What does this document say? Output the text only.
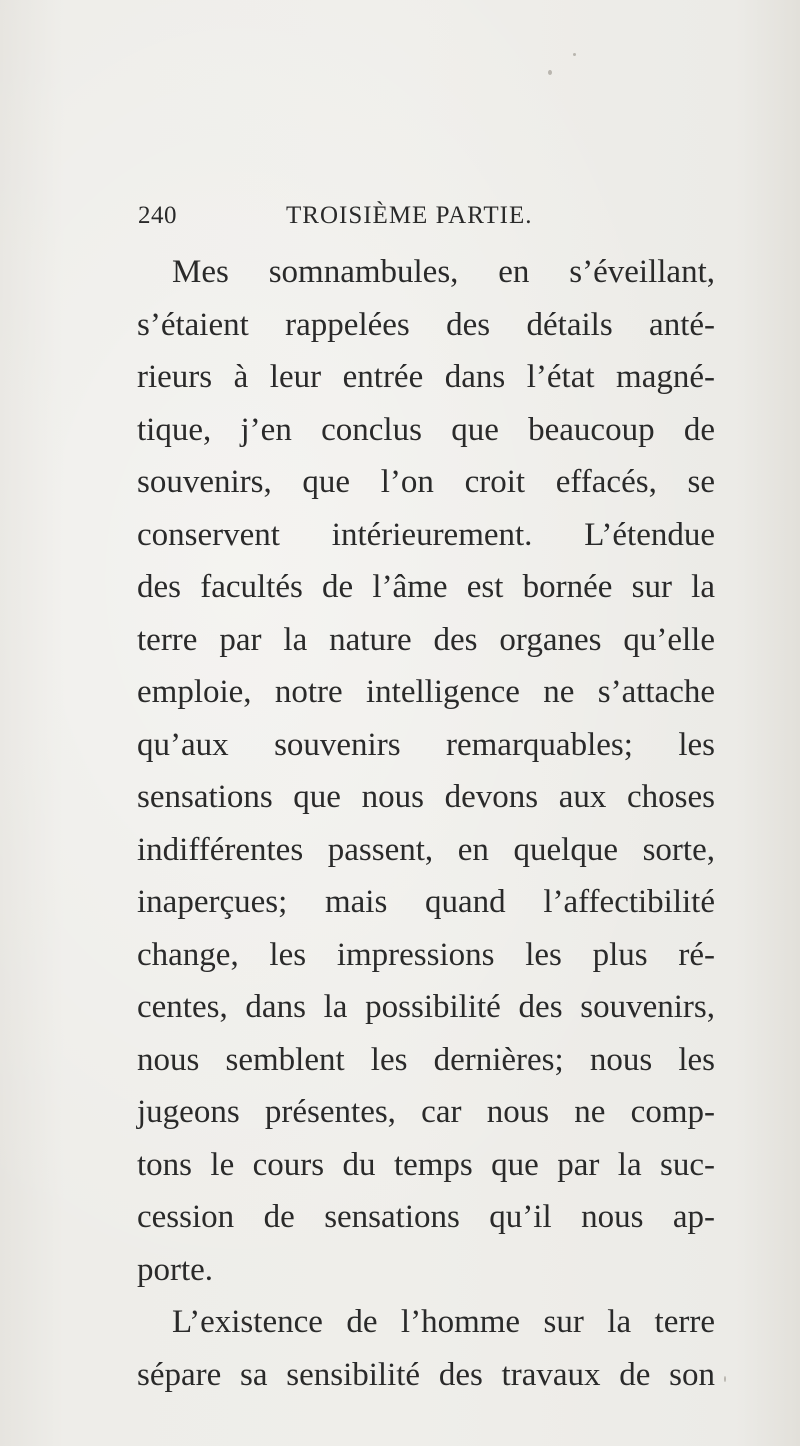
240	TROISIÈME PARTIE.
Mes somnambules, en s’éveillant,
s’étaient rappelées des détails anté-
rieurs à leur entrée dans l’état magné-
tique, j’en conclus que beaucoup de
souvenirs, que l’on croit effacés, se
conservent intérieurement. L’étendue
des facultés de l’âme est bornée sur la
terre par la nature des organes qu’elle
emploie, notre intelligence ne s’attache
qu’aux souvenirs remarquables; les
sensations que nous devons aux choses
indifférentes passent, en quelque sorte,
inaperçues; mais quand l’affectibilité
change, les impressions les plus ré-
centes, dans la possibilité des souvenirs,
nous semblent les dernières; nous les
jugeons présentes, car nous ne comp-
tons le cours du temps que par la suc-
cession de sensations qu’il nous ap-
porte.
L’existence de l’homme sur la terre
sépare sa sensibilité des travaux de son
